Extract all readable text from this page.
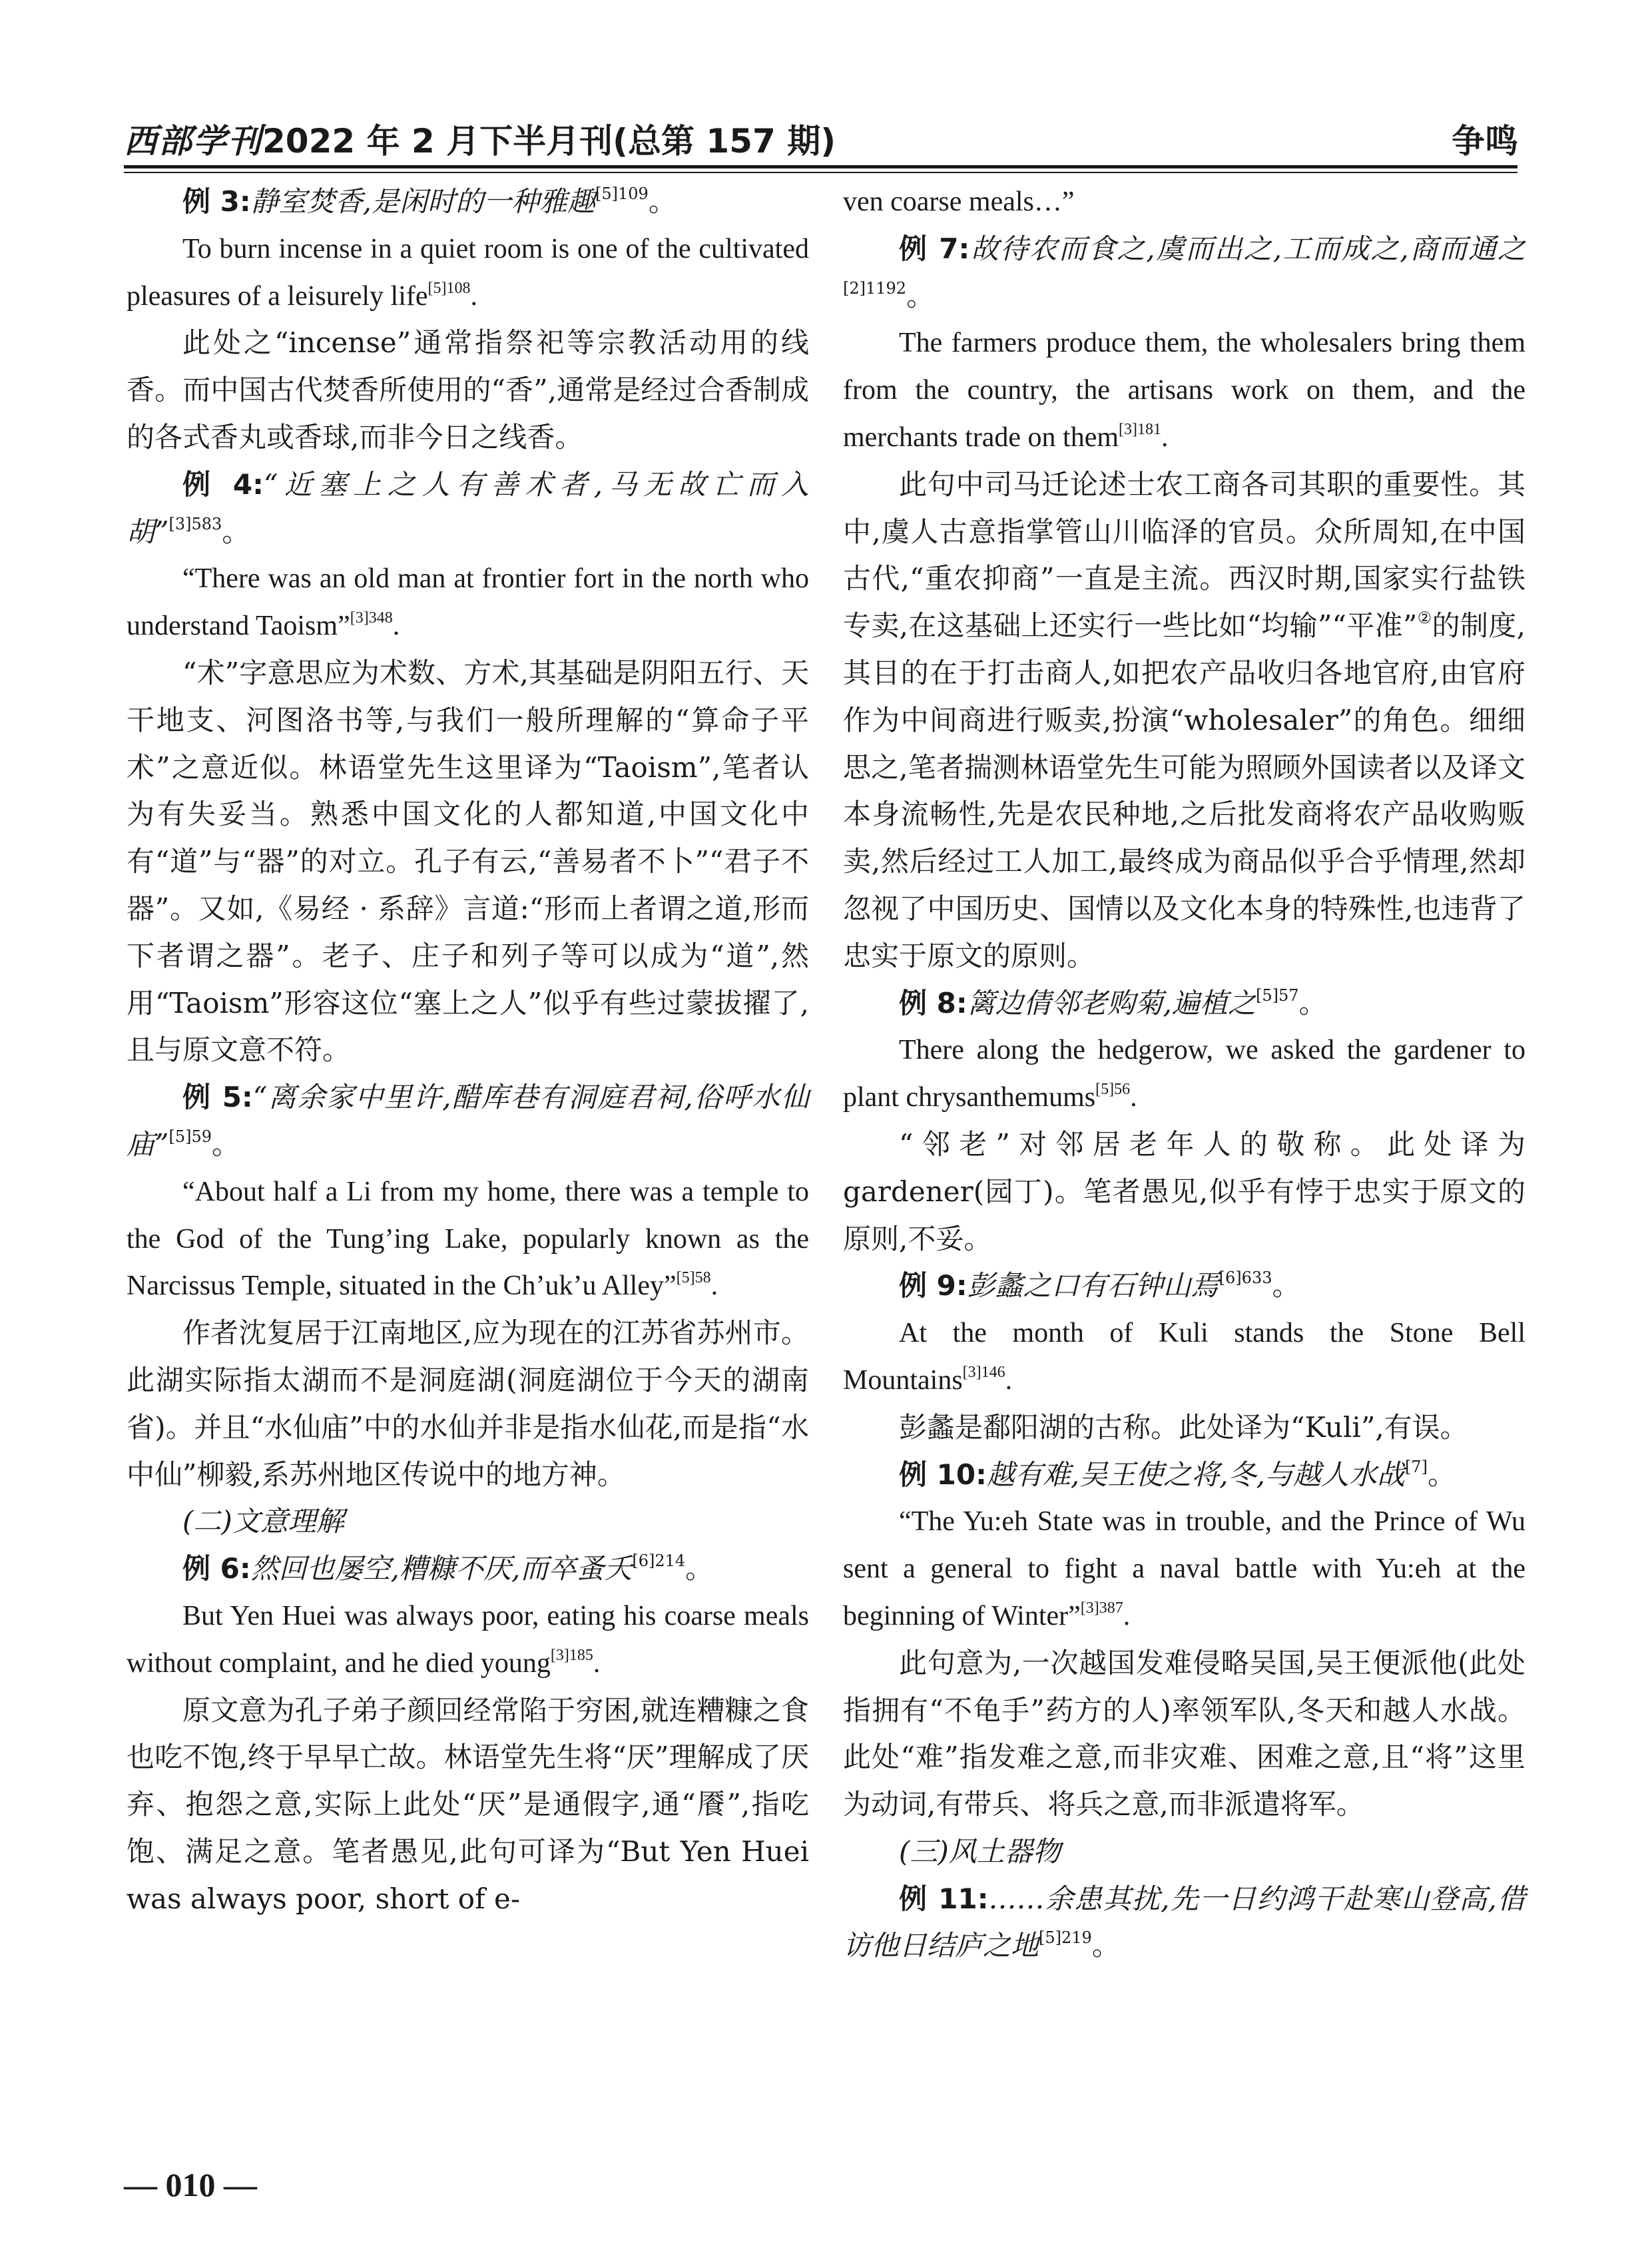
西部学刊2022 年 2 月下半月刊(总第 157 期)	争鸣

例 3:静室焚香,是闲时的一种雅趣$^{[5]109}$。

To burn incense in a quiet room is one of the cultivated pleasures of a leisurely life$^{[5]108}$.

此处之“incense”通常指祭祀等宗教活动用的线香。而中国古代焚香所使用的“香”,通常是经过合香制成的各式香丸或香球,而非今日之线香。

例 4:“近塞上之人有善术者,马无故亡而入胡”$^{[3]583}$。

“There was an old man at frontier fort in the north who understand Taoism”$^{[3]348}$.

“术”字意思应为术数、方术,其基础是阴阳五行、天干地支、河图洛书等,与我们一般所理解的“算命子平术”之意近似。林语堂先生这里译为“Taoism”,笔者认为有失妥当。熟悉中国文化的人都知道,中国文化中有“道”与“器”的对立。孔子有云,“善易者不卜”“君子不器”。又如,《易经 · 系辞》言道:“形而上者谓之道,形而下者谓之器”。老子、庄子和列子等可以成为“道”,然用“Taoism”形容这位“塞上之人”似乎有些过蒙拔擢了,且与原文意不符。

例 5:“离余家中里许,醋库巷有洞庭君祠,俗呼水仙庙”$^{[5]59}$。

“About half a Li from my home, there was a temple to the God of the Tung’ing Lake, popularly known as the Narcissus Temple, situated in the Ch’uk’u Alley”$^{[5]58}$.

作者沈复居于江南地区,应为现在的江苏省苏州市。此湖实际指太湖而不是洞庭湖(洞庭湖位于今天的湖南省)。并且“水仙庙”中的水仙并非是指水仙花,而是指“水中仙”柳毅,系苏州地区传说中的地方神。

(二)文意理解

例 6:然回也屡空,糟糠不厌,而卒蚤夭$^{[6]214}$。

But Yen Huei was always poor, eating his coarse meals without complaint, and he died young$^{[3]185}$.

原文意为孔子弟子颜回经常陷于穷困,就连糟糠之食也吃不饱,终于早早亡故。林语堂先生将“厌”理解成了厌弃、抱怨之意,实际上此处“厌”是通假字,通“餍”,指吃饱、满足之意。笔者愚见,此句可译为“But Yen Huei was always poor, short of e-

ven coarse meals…”

例 7:故待农而食之,虞而出之,工而成之,商而通之$^{[2]1192}$。

The farmers produce them, the wholesalers bring them from the country, the artisans work on them, and the merchants trade on them$^{[3]181}$.

此句中司马迁论述士农工商各司其职的重要性。其中,虞人古意指掌管山川临泽的官员。众所周知,在中国古代,“重农抑商”一直是主流。西汉时期,国家实行盐铁专卖,在这基础上还实行一些比如“均输”“平准”②的制度,其目的在于打击商人,如把农产品收归各地官府,由官府作为中间商进行贩卖,扮演“wholesaler”的角色。细细思之,笔者揣测林语堂先生可能为照顾外国读者以及译文本身流畅性,先是农民种地,之后批发商将农产品收购贩卖,然后经过工人加工,最终成为商品似乎合乎情理,然却忽视了中国历史、国情以及文化本身的特殊性,也违背了忠实于原文的原则。

例 8:篱边倩邻老购菊,遍植之$^{[5]57}$。

There along the hedgerow, we asked the gardener to plant chrysanthemums$^{[5]56}$.

“邻老”对邻居老年人的敬称。此处译为 gardener(园丁)。笔者愚见,似乎有悖于忠实于原文的原则,不妥。

例 9:彭蠡之口有石钟山焉$^{[6]633}$。

At the month of Kuli stands the Stone Bell Mountains$^{[3]146}$.

彭蠡是鄱阳湖的古称。此处译为“Kuli”,有误。

例 10:越有难,吴王使之将,冬,与越人水战[7]。

“The Yu:eh State was in trouble, and the Prince of Wu sent a general to fight a naval battle with Yu:eh at the beginning of Winter”$^{[3]387}$.

此句意为,一次越国发难侵略吴国,吴王便派他(此处指拥有“不龟手”药方的人)率领军队,冬天和越人水战。此处“难”指发难之意,而非灾难、困难之意,且“将”这里为动词,有带兵、将兵之意,而非派遣将军。

(三)风土器物

例 11:……余患其扰,先一日约鸿干赴寒山登高,借访他日结庐之地$^{[5]219}$。

— 010 —
